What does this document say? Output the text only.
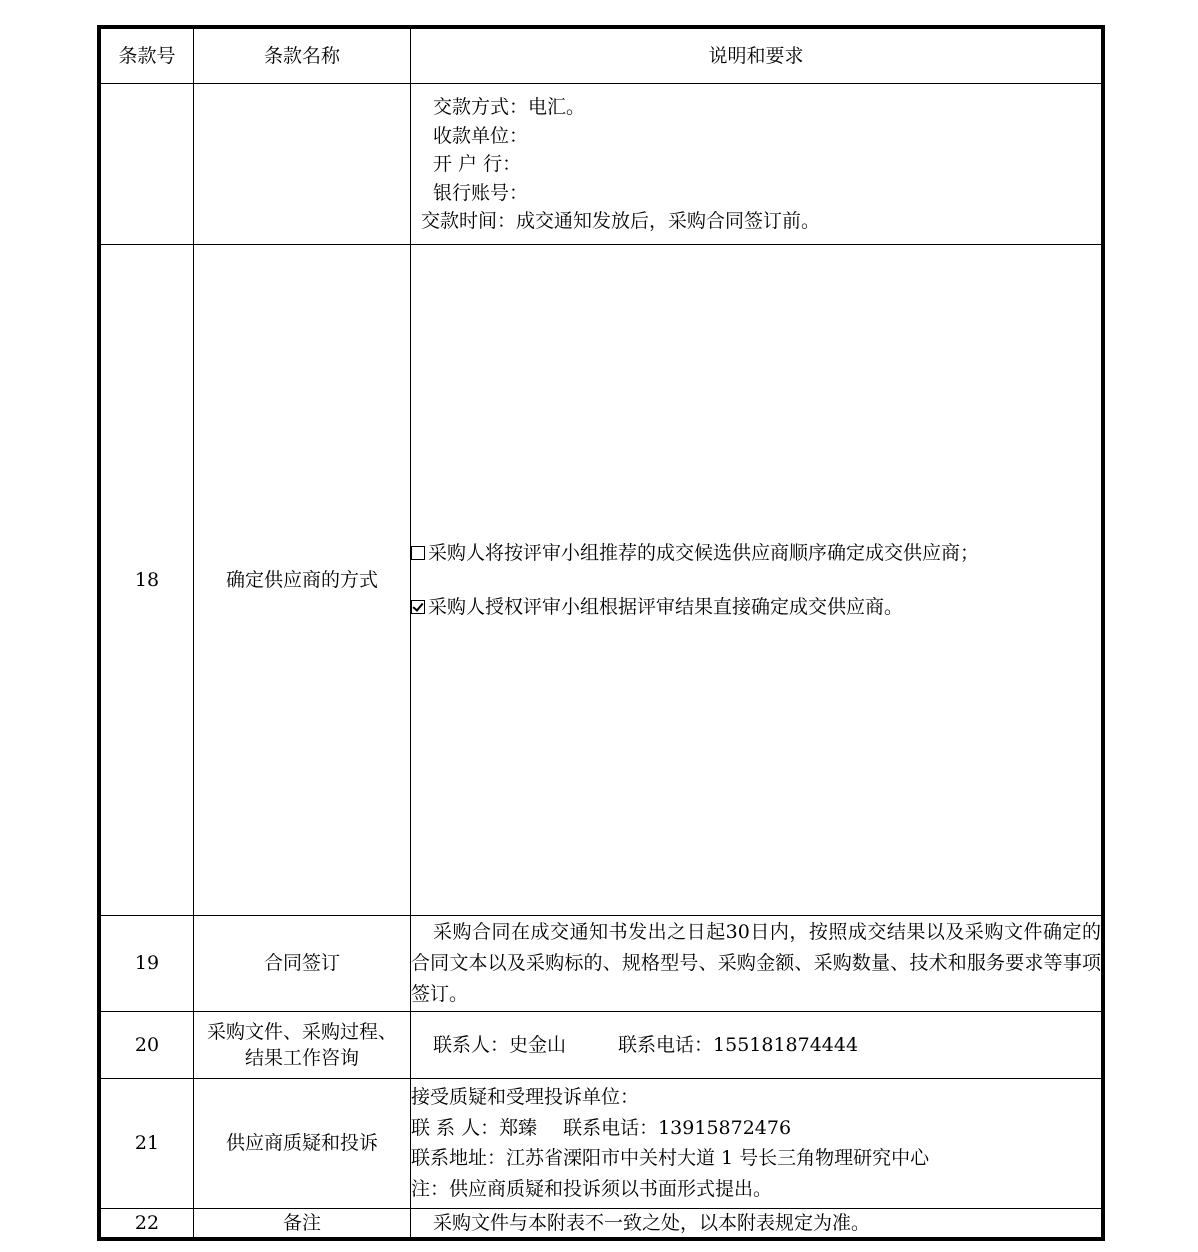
条款号	条款名称	说明和要求

		交款方式：电汇。
收款单位：
开 户 行：
银行账号：
交款时间：成交通知发放后，采购合同签订前。

18	确定供应商的方式	采购人将按评审小组推荐的成交候选供应商顺序确定成交供应商；
采购人授权评审小组根据评审结果直接确定成交供应商。

19	合同签订	采购合同在成交通知书发出之日起30日内，按照成交结果以及采购文件确定的合同文本以及采购标的、规格型号、采购金额、采购数量、技术和服务要求等事项签订。
20	采购文件、采购过程、
结果工作咨询	联系人：史金山 联系电话：155181874444

21	供应商质疑和投诉	接受质疑和受理投诉单位：
联 系 人：郑臻 联系电话：13915872476
联系地址：江苏省溧阳市中关村大道 1 号长三角物理研究中心
注：供应商质疑和投诉须以书面形式提出。

22	备注	采购文件与本附表不一致之处，以本附表规定为准。
